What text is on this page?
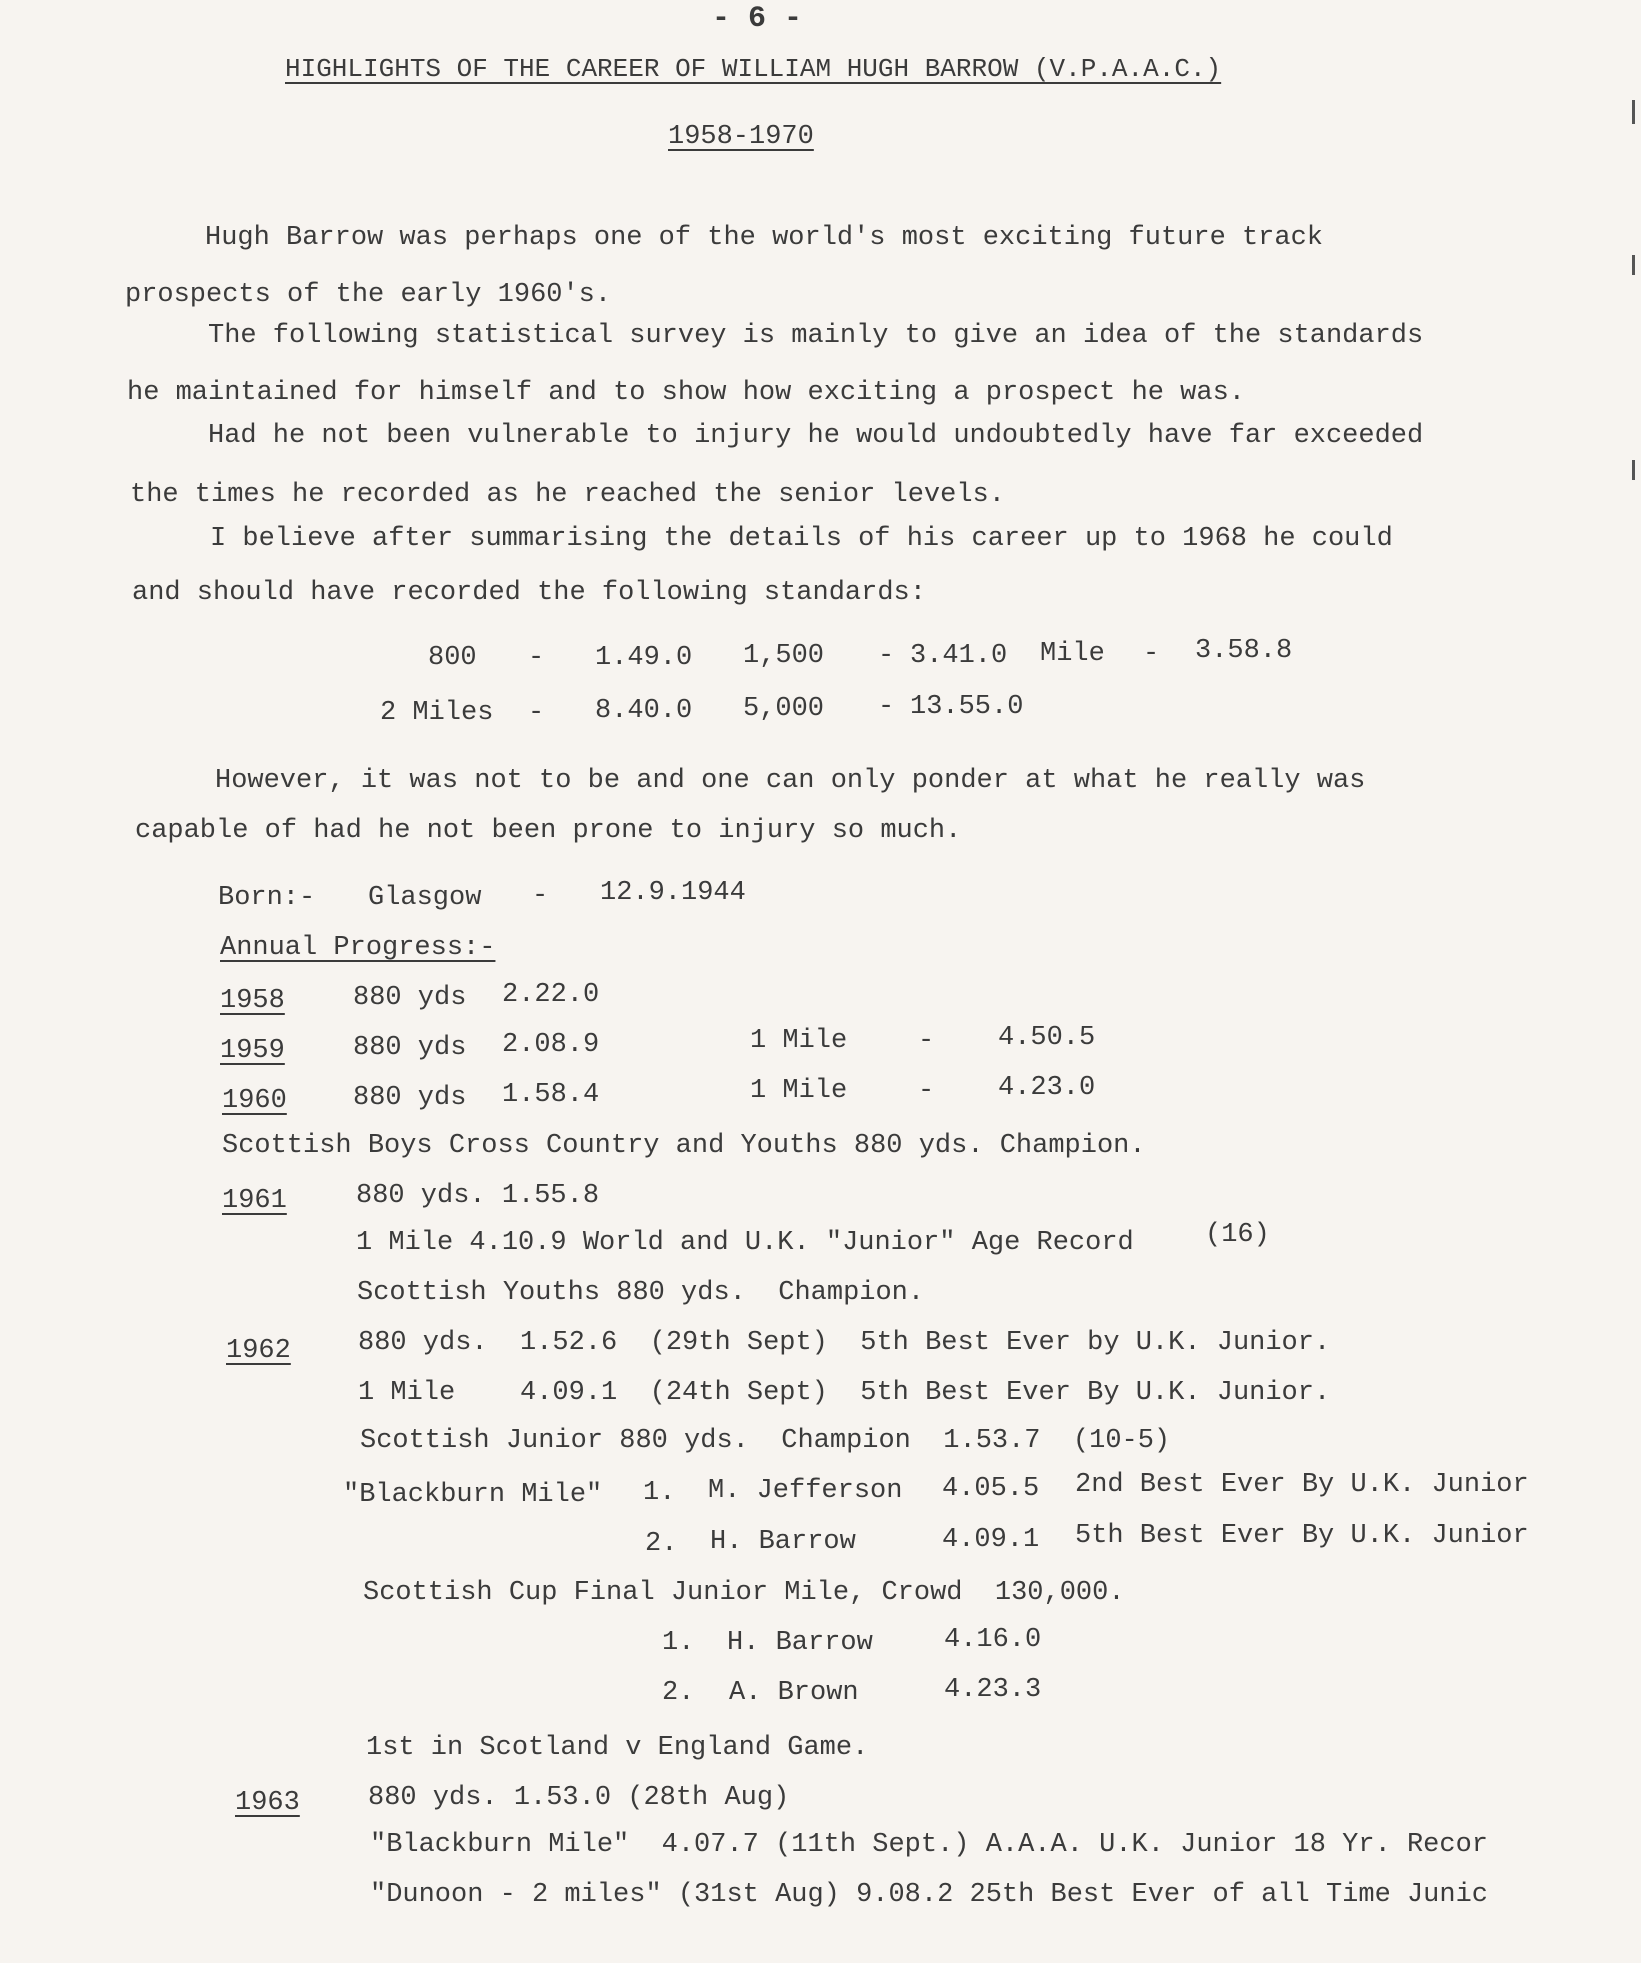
- 6 -
HIGHLIGHTS OF THE CAREER OF WILLIAM HUGH BARROW (V.P.A.A.C.)
1958-1970
Hugh Barrow was perhaps one of the world's most exciting future track
prospects of the early 1960's.
The following statistical survey is mainly to give an idea of the standards
he maintained for himself and to show how exciting a prospect he was.
Had he not been vulnerable to injury he would undoubtedly have far exceeded
the times he recorded as he reached the senior levels.
I believe after summarising the details of his career up to 1968 he could
and should have recorded the following standards:
800 - 1.49.0 1,500 - 3.41.0 Mile - 3.58.8
2 Miles - 8.40.0 5,000 - 13.55.0
However, it was not to be and one can only ponder at what he really was
capable of had he not been prone to injury so much.
Born:- Glasgow - 12.9.1944
Annual Progress:-
1958	880 yds 2.22.0
1959	880 yds 2.08.9	1 Mile	- 4.50.5
1960 880 yds 1.58.4	1 Mile	- 4.23.0
Scottish Boys Cross Country and Youths 880 yds. Champion.
1961	880 yds. 1.55.8
1 Mile 4.10.9 World and U.K. "Junior" Age Record	(16)
Scottish Youths 880 yds.  Champion.
1962 880 yds.  1.52.6  (29th Sept)  5th Best Ever by U.K. Junior.
1 Mile    4.09.1  (24th Sept)  5th Best Ever By U.K. Junior.
Scottish Junior 880 yds.  Champion  1.53.7  (10-5)
"Blackburn Mile" 1. M. Jefferson 4.05.5 2nd Best Ever By U.K. Junior
2. H. Barrow	4.09.1 5th Best Ever By U.K. Junior
Scottish Cup Final Junior Mile, Crowd  130,000.
1. H. Barrow	4.16.0
2. A. Brown	4.23.3
1st in Scotland v England Game.
1963	880 yds. 1.53.0 (28th Aug)
"Blackburn Mile"  4.07.7 (11th Sept.) A.A.A. U.K. Junior 18 Yr. Recor
"Dunoon - 2 miles" (31st Aug) 9.08.2 25th Best Ever of all Time Junic
